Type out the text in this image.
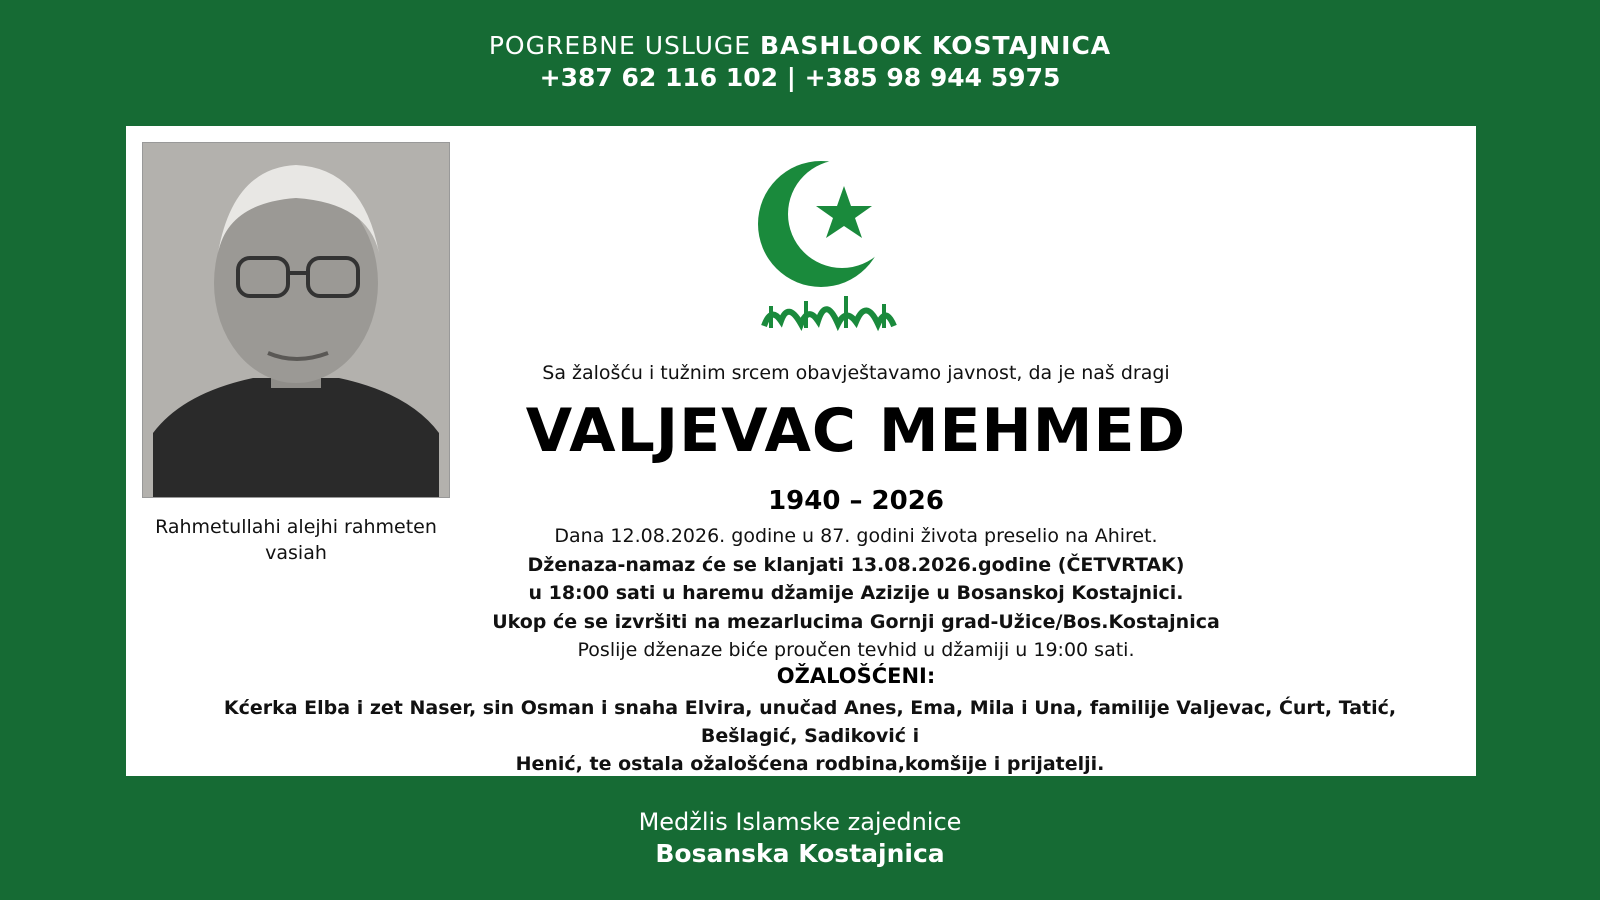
POGREBNE USLUGE BASHLOOK KOSTAJNICA
+387 62 116 102 | +385 98 944 5975
Rahmetullahi alejhi rahmeten
vasiah
Sa žalošću i tužnim srcem obavještavamo javnost, da je naš dragi
VALJEVAC MEHMED
1940 – 2026
Dana 12.08.2026. godine u 87. godini života preselio na Ahiret.
Dženaza-namaz će se klanjati 13.08.2026.godine (ČETVRTAK)
u 18:00 sati u haremu džamije Azizije u Bosanskoj Kostajnici.
Ukop će se izvršiti na mezarlucima Gornji grad-Užice/Bos.Kostajnica
Poslije dženaze biće proučen tevhid u džamiji u 19:00 sati.
OŽALOŠĆENI:
Kćerka Elba i zet Naser, sin Osman i snaha Elvira, unučad Anes, Ema, Mila i Una, familije Valjevac, Ćurt, Tatić, Bešlagić, Sadiković i
Henić, te ostala ožalošćena rodbina,komšije i prijatelji.
Medžlis Islamske zajednice
Bosanska Kostajnica
